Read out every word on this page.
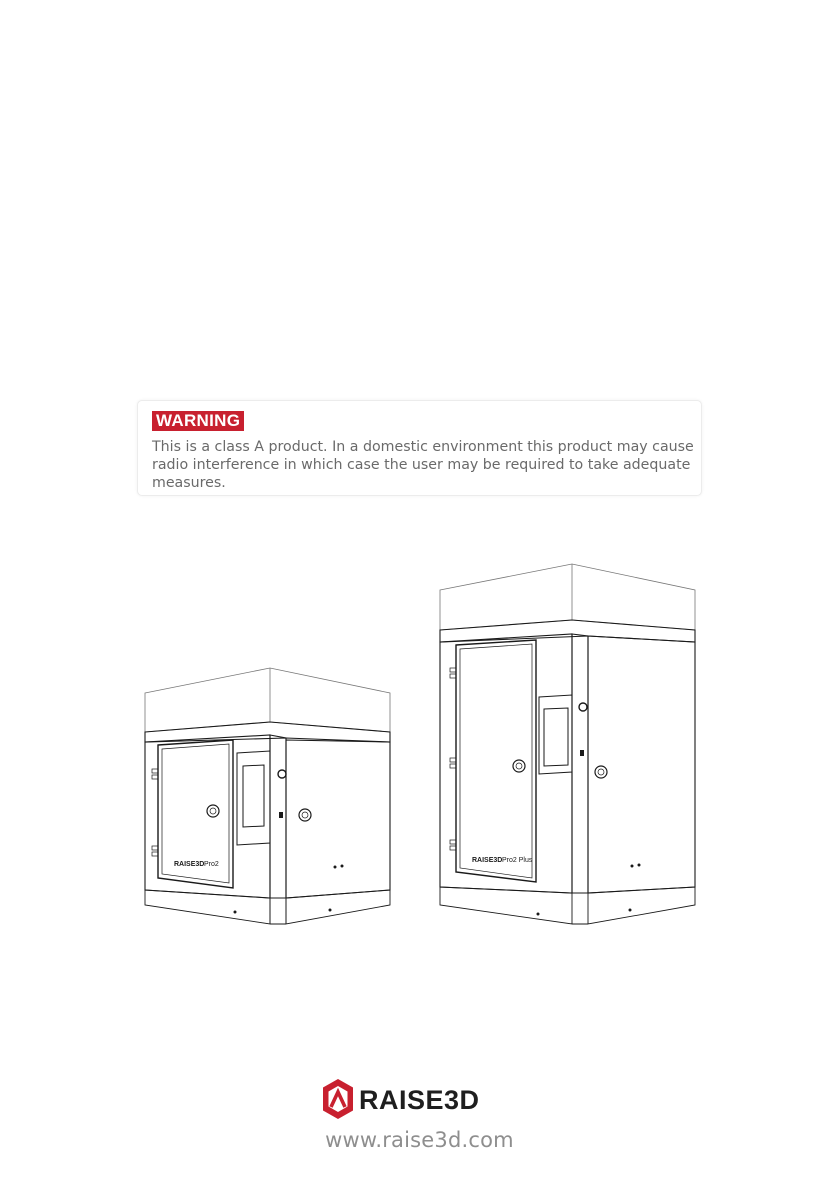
WARNING

This is a class A product. In a domestic environment this product may cause radio interference in which case the user may be required to take adequate measures.

RAISE3D Pro2
RAISE3D Pro2 Plus
RAISE3D
www.raise3d.com
